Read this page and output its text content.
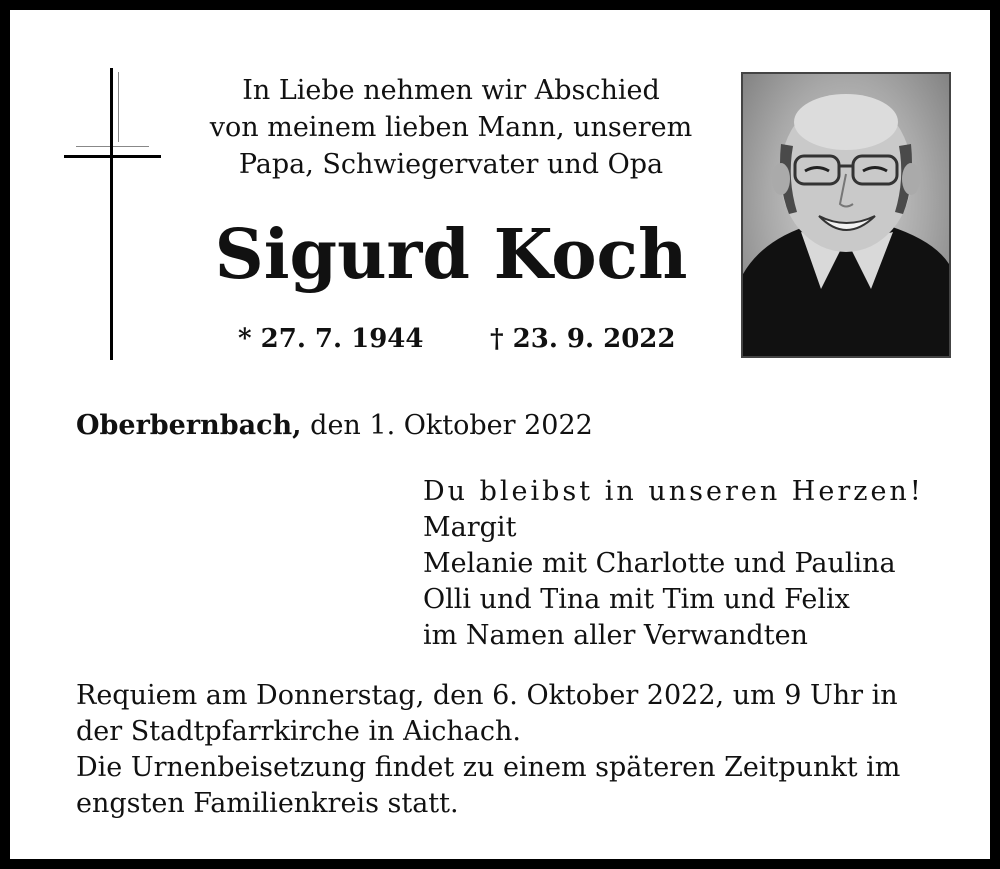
In Liebe nehmen wir Abschied
von meinem lieben Mann, unserem
Papa, Schwiegervater und Opa
Sigurd Koch
* 27. 7. 1944	† 23. 9. 2022
Oberbernbach, den 1. Oktober 2022
Du bleibst in unseren Herzen!
Margit
Melanie mit Charlotte und Paulina
Olli und Tina mit Tim und Felix
im Namen aller Verwandten
Requiem am Donnerstag, den 6. Oktober 2022, um 9 Uhr in
der Stadtpfarrkirche in Aichach.
Die Urnenbeisetzung findet zu einem späteren Zeitpunkt im
engsten Familienkreis statt.
